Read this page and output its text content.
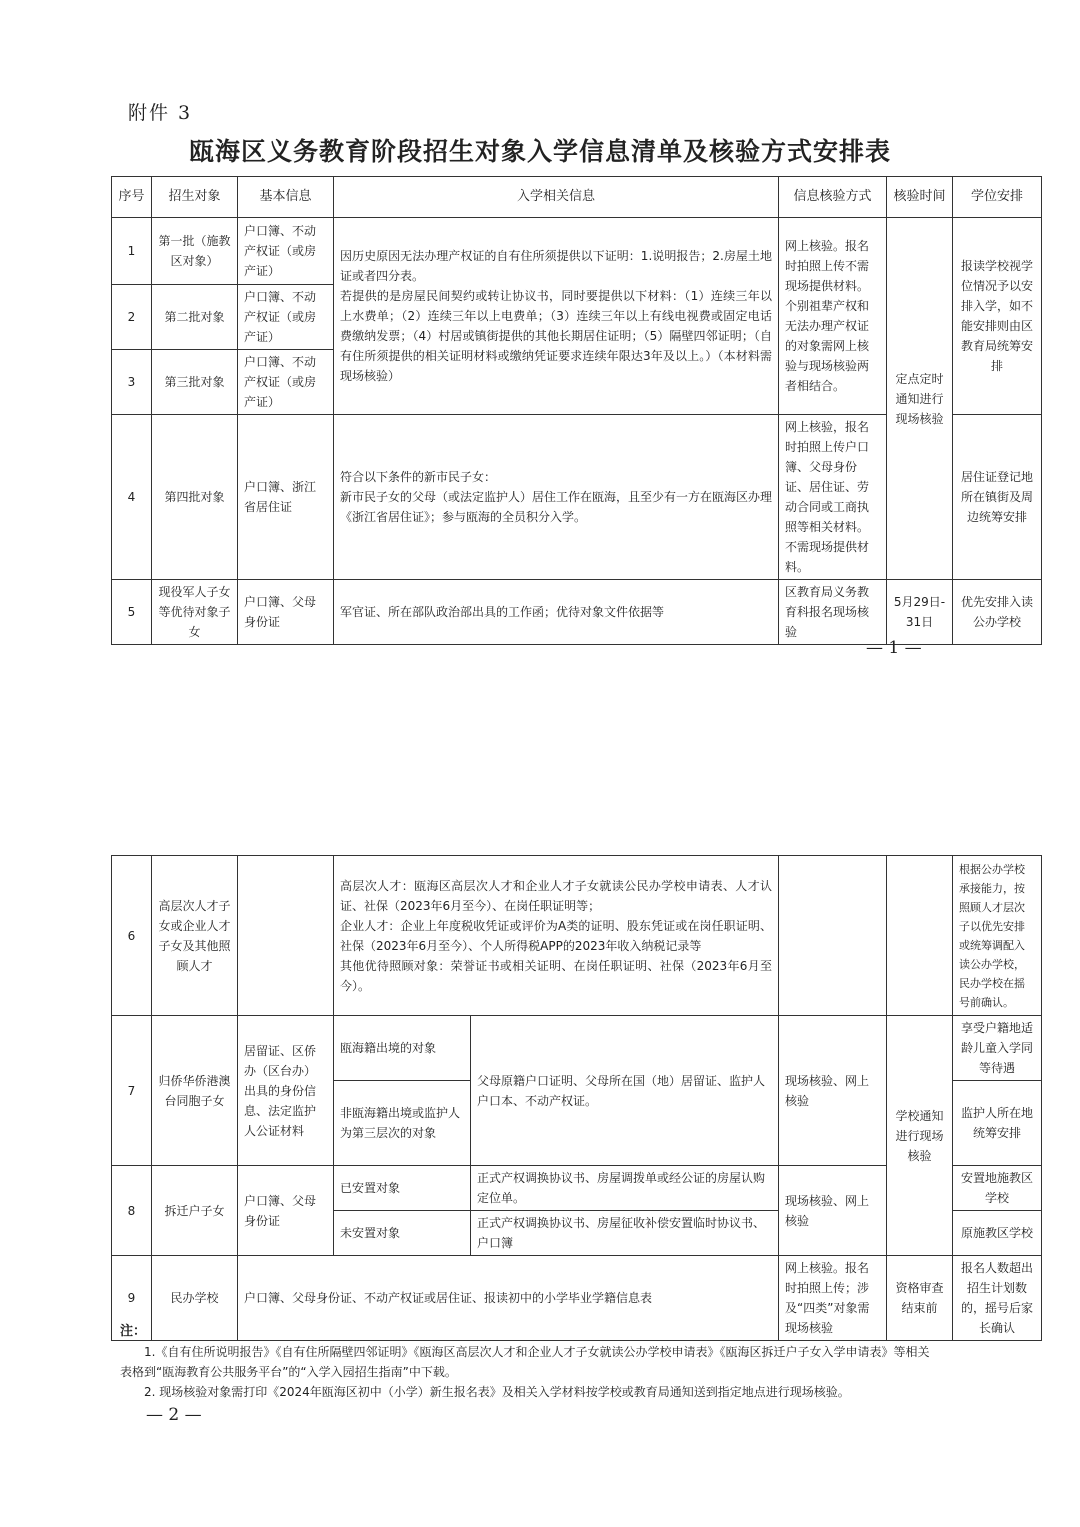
附件 3
瓯海区义务教育阶段招生对象入学信息清单及核验方式安排表
序号	招生对象	基本信息	入学相关信息	信息核验方式	核验时间	学位安排
1	第一批（施教区对象）	户口簿、不动产权证（或房产证）	因历史原因无法办理产权证的自有住所须提供以下证明：1.说明报告；2.房屋土地证或者四分表。
若提供的是房屋民间契约或转让协议书，同时要提供以下材料：（1）连续三年以上水费单；（2）连续三年以上电费单；（3）连续三年以上有线电视费或固定电话费缴纳发票；（4）村居或镇街提供的其他长期居住证明；（5）隔壁四邻证明；（自有住所须提供的相关证明材料或缴纳凭证要求连续年限达3年及以上。）（本材料需现场核验）	网上核验。报名时拍照上传不需现场提供材料。个别祖辈产权和无法办理产权证的对象需网上核验与现场核验两者相结合。	定点定时通知进行现场核验	报读学校视学位情况予以安排入学，如不能安排则由区教育局统筹安排
2	第二批对象	户口簿、不动产权证（或房产证）				
3	第三批对象	户口簿、不动产权证（或房产证）				
4	第四批对象	户口簿、浙江省居住证	符合以下条件的新市民子女：
新市民子女的父母（或法定监护人）居住工作在瓯海，且至少有一方在瓯海区办理《浙江省居住证》；参与瓯海的全员积分入学。	网上核验，报名时拍照上传户口簿、父母身份证、居住证、劳动合同或工商执照等相关材料。不需现场提供材料。		居住证登记地所在镇街及周边统筹安排
5	现役军人子女等优待对象子女	户口簿、父母身份证	军官证、所在部队政治部出具的工作函；优待对象文件依据等	区教育局义务教育科报名现场核验	5月29日-31日	优先安排入读公办学校
— 1 —
6	高层次人才子女或企业人才子女及其他照顾人才		高层次人才：瓯海区高层次人才和企业人才子女就读公民办学校申请表、人才认证、社保（2023年6月至今）、在岗任职证明等；
企业人才：企业上年度税收凭证或评价为A类的证明、股东凭证或在岗任职证明、社保（2023年6月至今）、个人所得税APP的2023年收入纳税记录等
其他优待照顾对象：荣誉证书或相关证明、在岗任职证明、社保（2023年6月至今）。				根据公办学校承接能力，按照顾人才层次子以优先安排或统筹调配入读公办学校，民办学校在摇号前确认。
7	归侨华侨港澳台同胞子女	居留证、区侨办（区台办）出具的身份信息、法定监护人公证材料	瓯海籍出境的对象	父母原籍户口证明、父母所在国（地）居留证、监护人户口本、不动产权证。	现场核验、网上核验	学校通知进行现场核验	享受户籍地适龄儿童入学同等待遇
			非瓯海籍出境或监护人为第三层次的对象				监护人所在地统筹安排
8	拆迁户子女	户口簿、父母身份证	已安置对象	正式产权调换协议书、房屋调拨单或经公证的房屋认购定位单。	现场核验、网上核验		安置地施教区学校
			未安置对象	正式产权调换协议书、房屋征收补偿安置临时协议书、户口簿			原施教区学校
9	民办学校	户口簿、父母身份证、不动产权证或居住证、报读初中的小学毕业学籍信息表			网上核验。报名时拍照上传；涉及“四类”对象需现场核验	资格审查结束前	报名人数超出招生计划数的，摇号后家长确认
注：

1.《自有住所说明报告》《自有住所隔壁四邻证明》《瓯海区高层次人才和企业人才子女就读公办学校申请表》《瓯海区拆迁户子女入学申请表》等相关表格到“瓯海教育公共服务平台”的“入学入园招生指南”中下载。

2. 现场核验对象需打印《2024年瓯海区初中（小学）新生报名表》及相关入学材料按学校或教育局通知送到指定地点进行现场核验。

— 2 —
